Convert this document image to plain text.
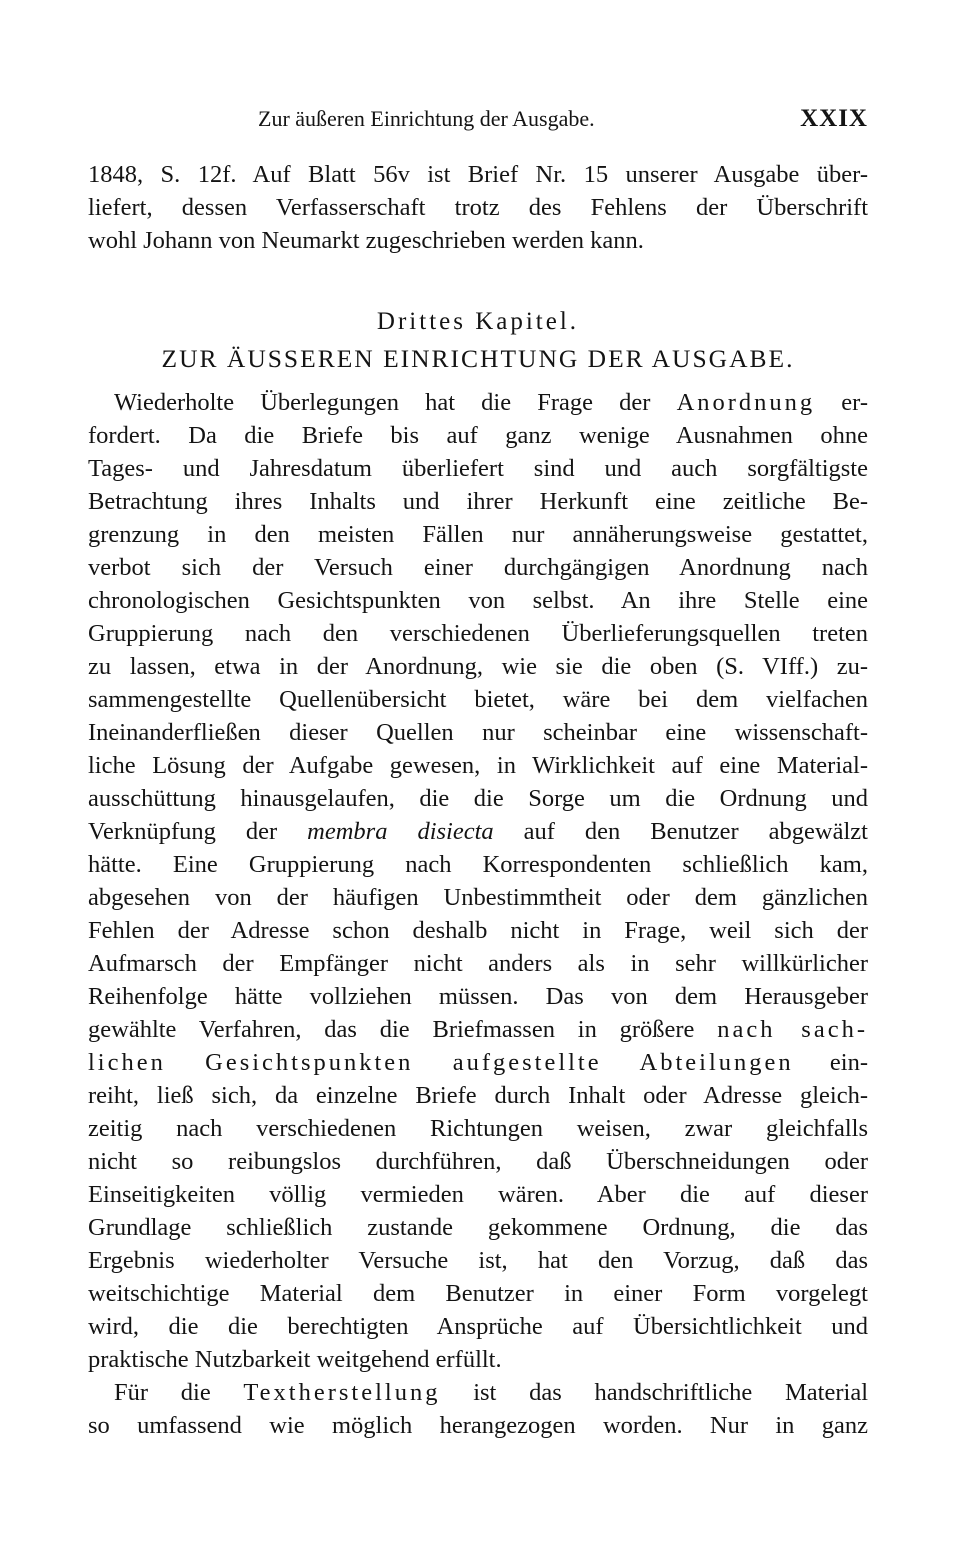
Zur äußeren Einrichtung der Ausgabe.	XXIX
1848, S. 12f. Auf Blatt 56v ist Brief Nr. 15 unserer Ausgabe über-
liefert, dessen Verfasserschaft trotz des Fehlens der Überschrift
wohl Johann von Neumarkt zugeschrieben werden kann.
Drittes Kapitel.
ZUR ÄUSSEREN EINRICHTUNG DER AUSGABE.
Wiederholte Überlegungen hat die Frage der Anordnung er-
fordert. Da die Briefe bis auf ganz wenige Ausnahmen ohne
Tages- und Jahresdatum überliefert sind und auch sorgfältigste
Betrachtung ihres Inhalts und ihrer Herkunft eine zeitliche Be-
grenzung in den meisten Fällen nur annäherungsweise gestattet,
verbot sich der Versuch einer durchgängigen Anordnung nach
chronologischen Gesichtspunkten von selbst. An ihre Stelle eine
Gruppierung nach den verschiedenen Überlieferungsquellen treten
zu lassen, etwa in der Anordnung, wie sie die oben (S. VIff.) zu-
sammengestellte Quellenübersicht bietet, wäre bei dem vielfachen
Ineinanderfließen dieser Quellen nur scheinbar eine wissenschaft-
liche Lösung der Aufgabe gewesen, in Wirklichkeit auf eine Material-
ausschüttung hinausgelaufen, die die Sorge um die Ordnung und
Verknüpfung der membra disiecta auf den Benutzer abgewälzt
hätte. Eine Gruppierung nach Korrespondenten schließlich kam,
abgesehen von der häufigen Unbestimmtheit oder dem gänzlichen
Fehlen der Adresse schon deshalb nicht in Frage, weil sich der
Aufmarsch der Empfänger nicht anders als in sehr willkürlicher
Reihenfolge hätte vollziehen müssen. Das von dem Herausgeber
gewählte Verfahren, das die Briefmassen in größere nach sach-
lichen Gesichtspunkten aufgestellte Abteilungen ein-
reiht, ließ sich, da einzelne Briefe durch Inhalt oder Adresse gleich-
zeitig nach verschiedenen Richtungen weisen, zwar gleichfalls
nicht so reibungslos durchführen, daß Überschneidungen oder
Einseitigkeiten völlig vermieden wären. Aber die auf dieser
Grundlage schließlich zustande gekommene Ordnung, die das
Ergebnis wiederholter Versuche ist, hat den Vorzug, daß das
weitschichtige Material dem Benutzer in einer Form vorgelegt
wird, die die berechtigten Ansprüche auf Übersichtlichkeit und
praktische Nutzbarkeit weitgehend erfüllt.
Für die Textherstellung ist das handschriftliche Material
so umfassend wie möglich herangezogen worden. Nur in ganz
